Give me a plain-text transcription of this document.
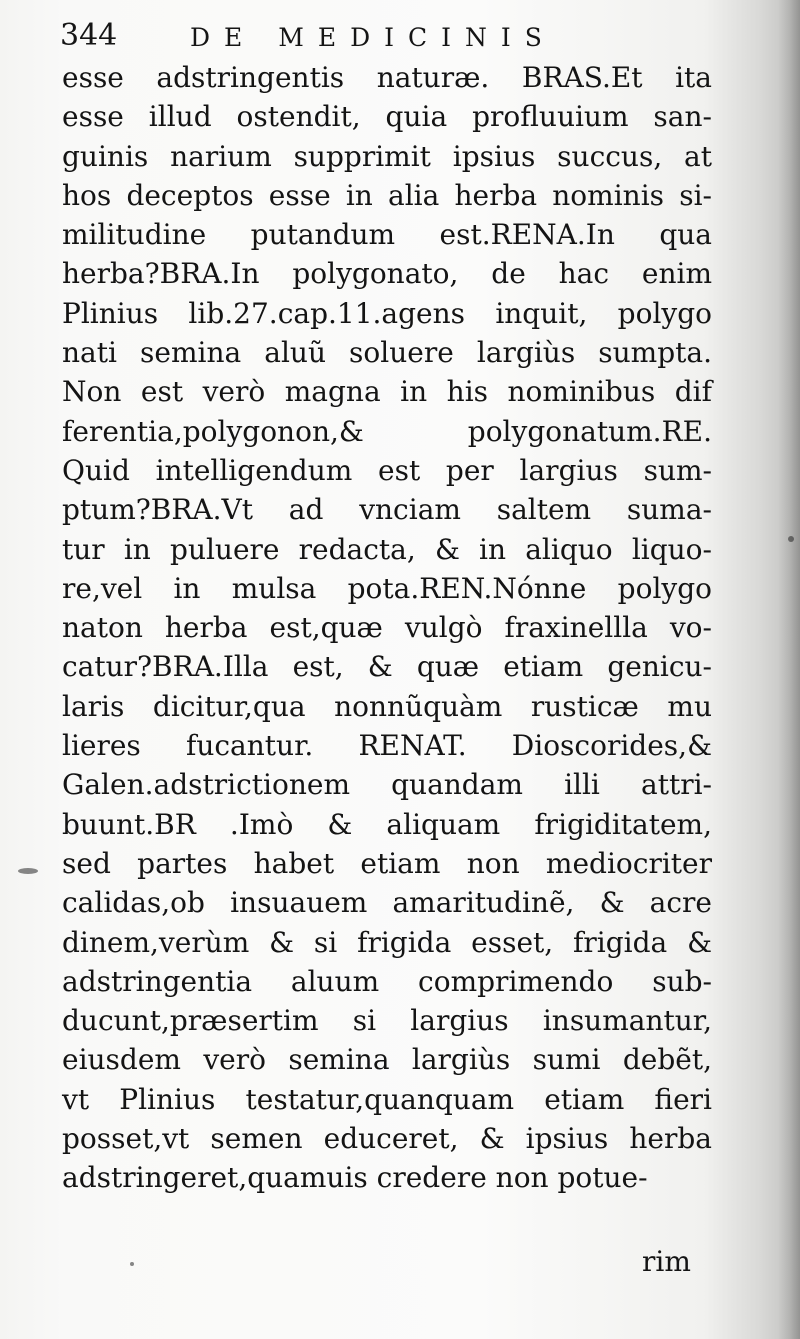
344	DE MEDICINIS
esse adstringentis naturæ. BRAS.Et ita
esse illud ostendit, quia profluuium san-
guinis narium supprimit ipsius succus, at
hos deceptos esse in alia herba nominis si-
militudine putandum est.RENA.In qua
herba?BRA.In polygonato, de hac enim
Plinius lib.27.cap.11.agens inquit, polygo
nati semina aluũ soluere largiùs sumpta.
Non est verò magna in his nominibus dif
ferentia,polygonon,& polygonatum.RE.
Quid intelligendum est per largius sum-
ptum?BRA.Vt ad vnciam saltem suma-
tur in puluere redacta, & in aliquo liquo-
re,vel in mulsa pota.REN.Nónne polygo
naton herba est,quæ vulgò fraxinellla vo-
catur?BRA.Illa est, & quæ etiam genicu-
laris dicitur,qua nonnũquàm rusticæ mu
lieres fucantur. RENAT. Dioscorides,&
Galen.adstrictionem quandam illi attri-
buunt.BR .Imò & aliquam frigiditatem,
sed partes habet etiam non mediocriter
calidas,ob insuauem amaritudinẽ, & acre
dinem,verùm & si frigida esset, frigida &
adstringentia aluum comprimendo sub-
ducunt,præsertim si largius insumantur,
eiusdem verò semina largiùs sumi debẽt,
vt Plinius testatur,quanquam etiam fieri
posset,vt semen educeret, & ipsius herba
adstringeret,quamuis credere non potue-
rim
